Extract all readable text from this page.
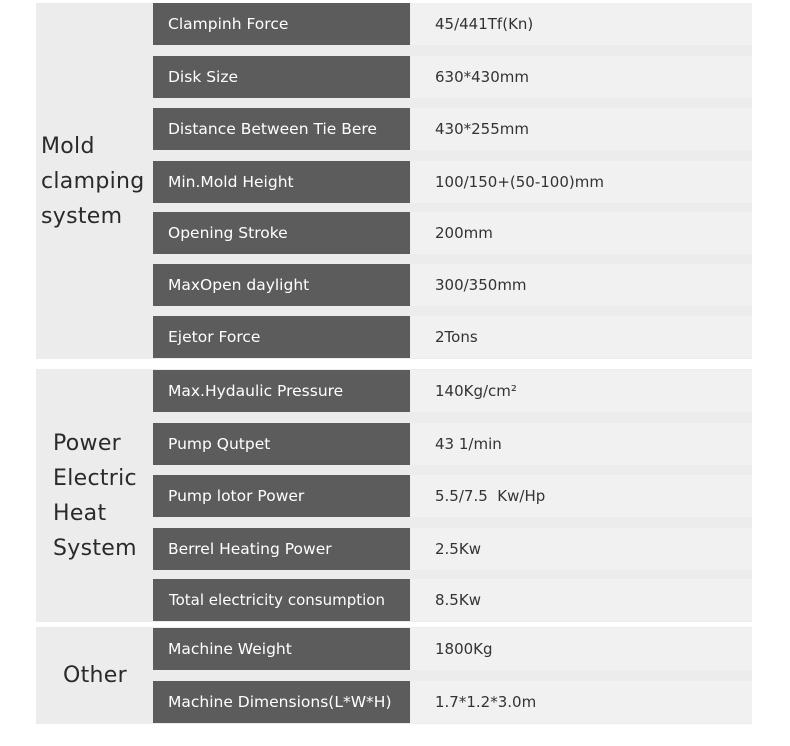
Mold
clamping
system
Clampinh Force	45/441Tf(Kn)
Disk Size	630*430mm
Distance Between Tie Bere	430*255mm
Min.Mold Height	100/150+(50-100)mm
Opening Stroke	200mm
MaxOpen daylight	300/350mm
Ejetor Force	2Tons
Power
Electric
Heat
System
Max.Hydaulic Pressure	140Kg/cm²
Pump Qutpet	43 1/min
Pump lotor Power	5.5/7.5  Kw/Hp
Berrel Heating Power	2.5Kw
Total electricity consumption	8.5Kw
Other
Machine Weight	1800Kg
Machine Dimensions(L*W*H)	1.7*1.2*3.0m
